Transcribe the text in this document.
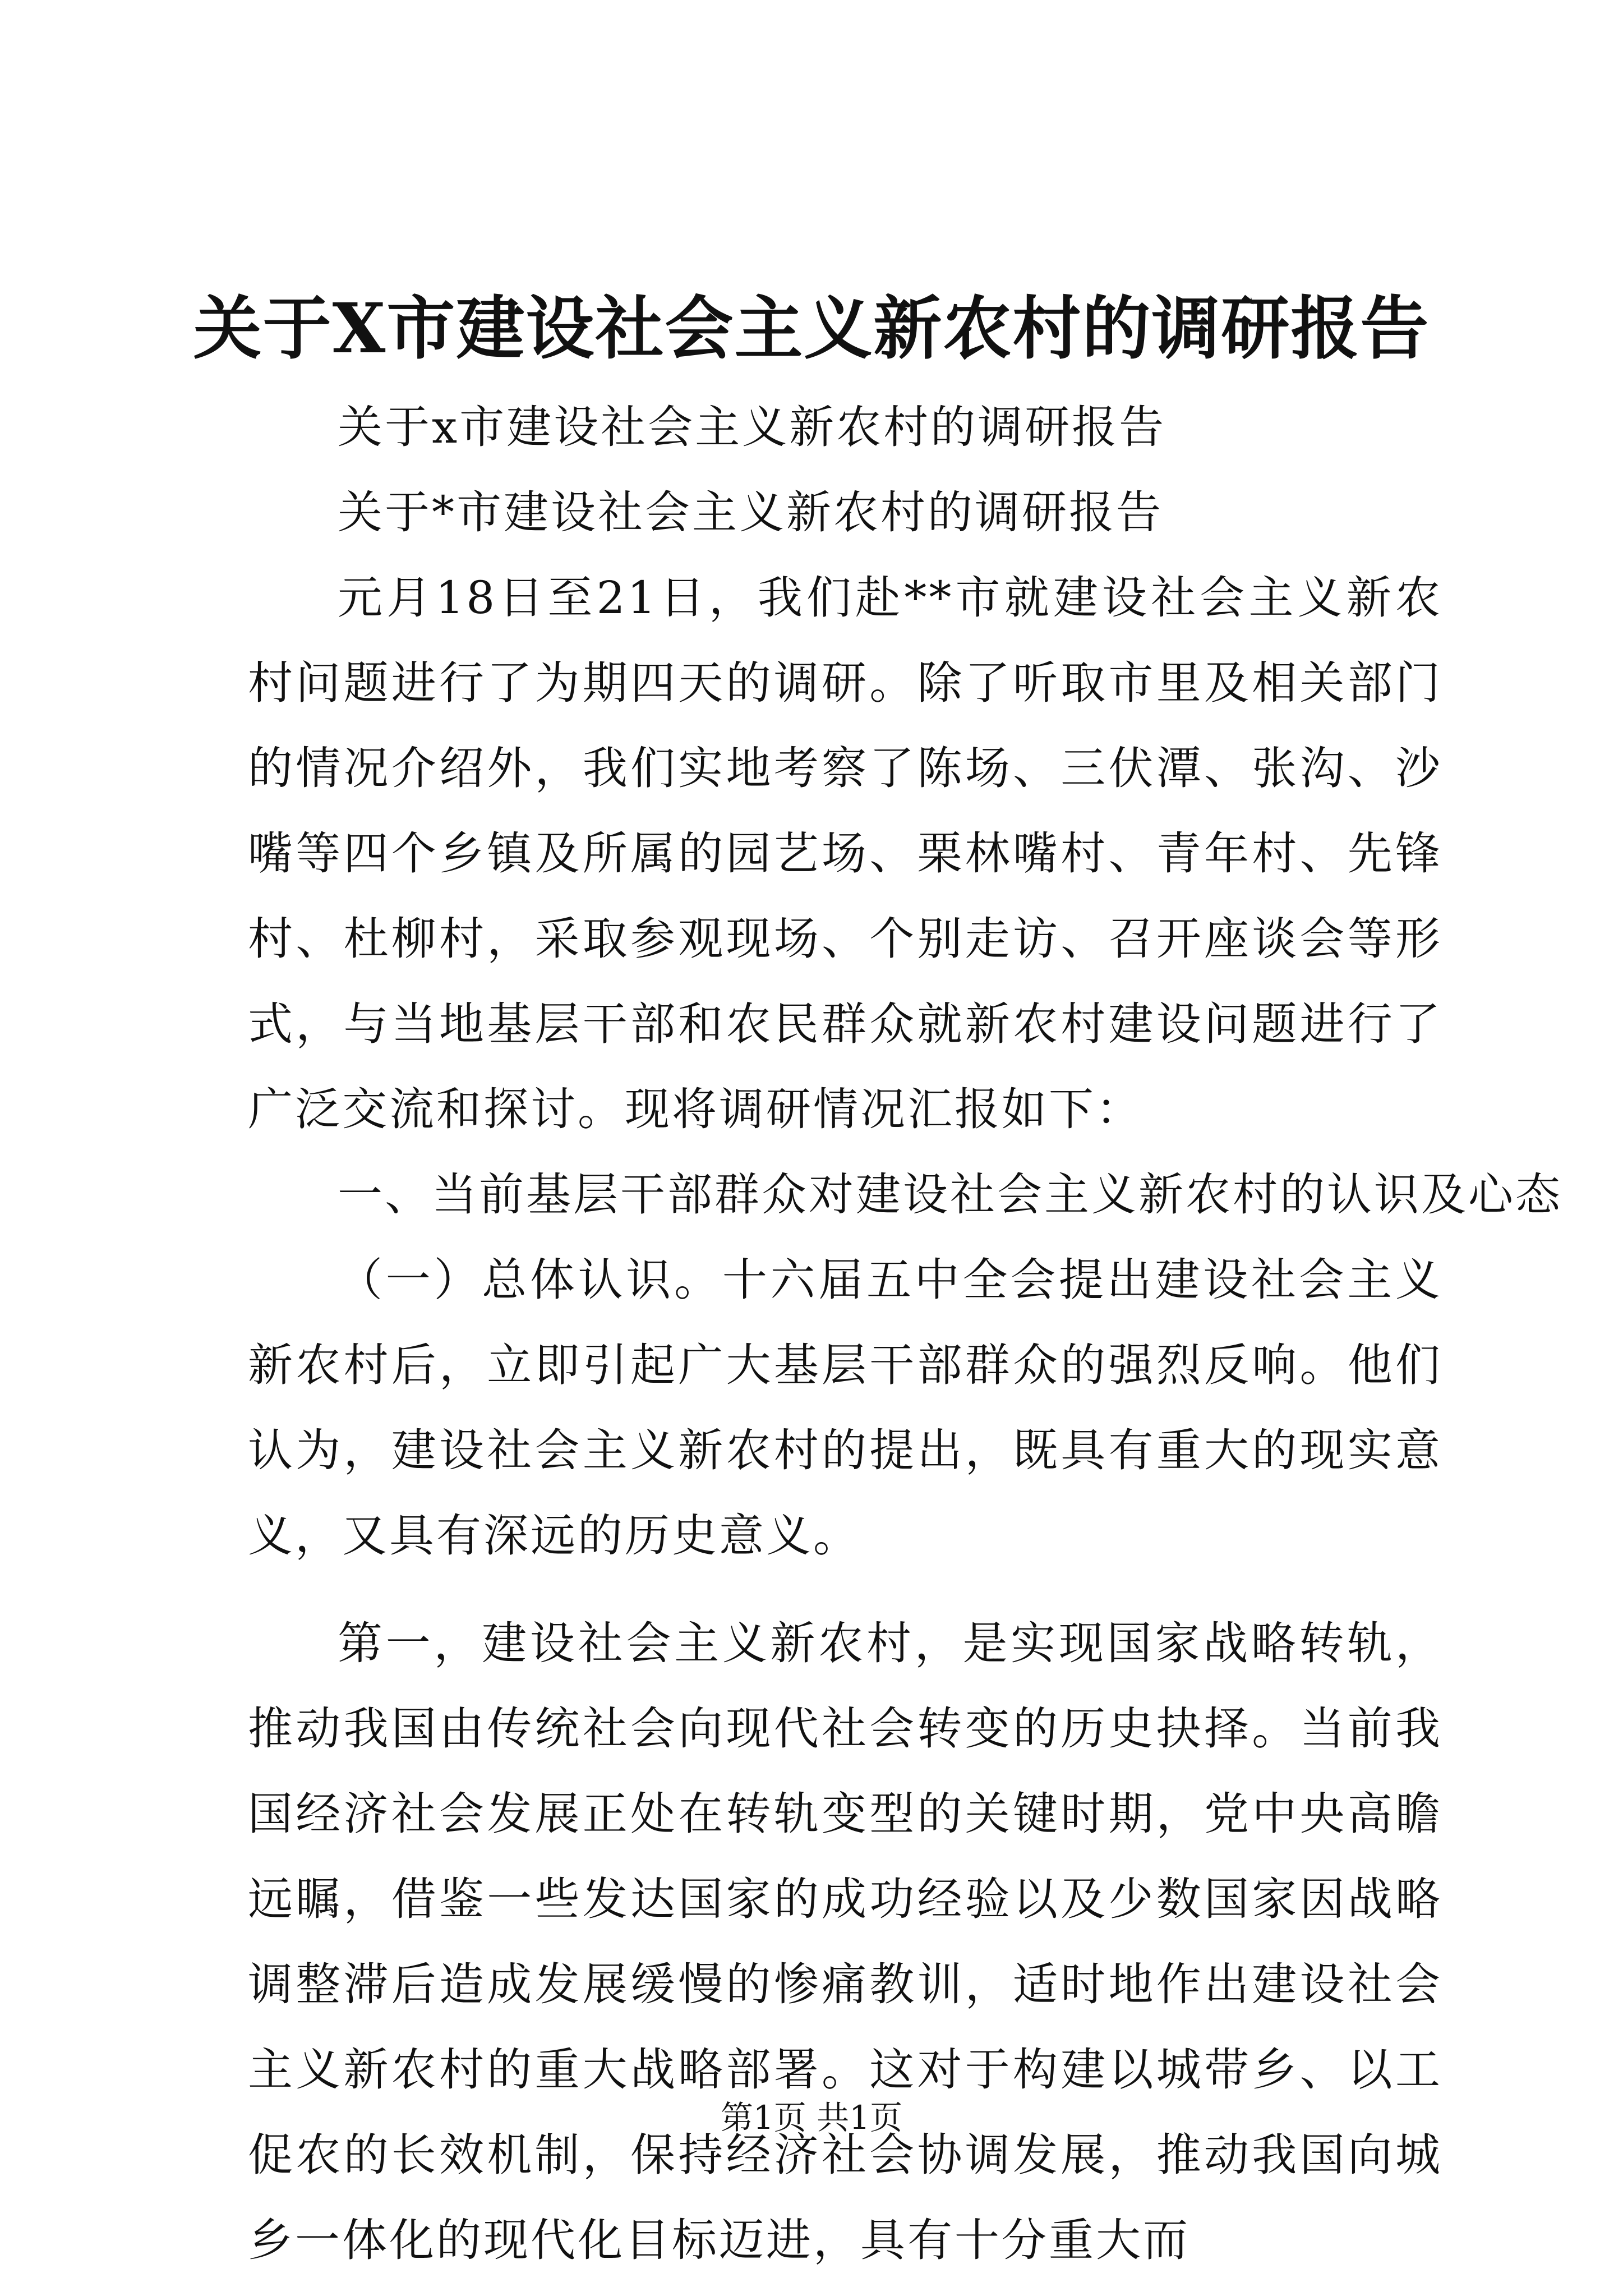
关于X市建设社会主义新农村的调研报告

关于x市建设社会主义新农村的调研报告

关于*市建设社会主义新农村的调研报告

元月18日至21日，我们赴**市就建设社会主义新农村问题进行了为期四天的调研。除了听取市里及相关部门的情况介绍外，我们实地考察了陈场、三伏潭、张沟、沙嘴等四个乡镇及所属的园艺场、栗林嘴村、青年村、先锋村、杜柳村，采取参观现场、个别走访、召开座谈会等形式，与当地基层干部和农民群众就新农村建设问题进行了广泛交流和探讨。现将调研情况汇报如下：

一、当前基层干部群众对建设社会主义新农村的认识及心态

（一）总体认识。十六届五中全会提出建设社会主义新农村后，立即引起广大基层干部群众的强烈反响。他们认为，建设社会主义新农村的提出，既具有重大的现实意义，又具有深远的历史意义。

第一，建设社会主义新农村，是实现国家战略转轨，推动我国由传统社会向现代社会转变的历史抉择。当前我国经济社会发展正处在转轨变型的关键时期，党中央高瞻远瞩，借鉴一些发达国家的成功经验以及少数国家因战略调整滞后造成发展缓慢的惨痛教训，适时地作出建设社会主义新农村的重大战略部署。这对于构建以城带乡、以工促农的长效机制，保持经济社会协调发展，推动我国向城乡一体化的现代化目标迈进，具有十分重大而

第1页 共1页
